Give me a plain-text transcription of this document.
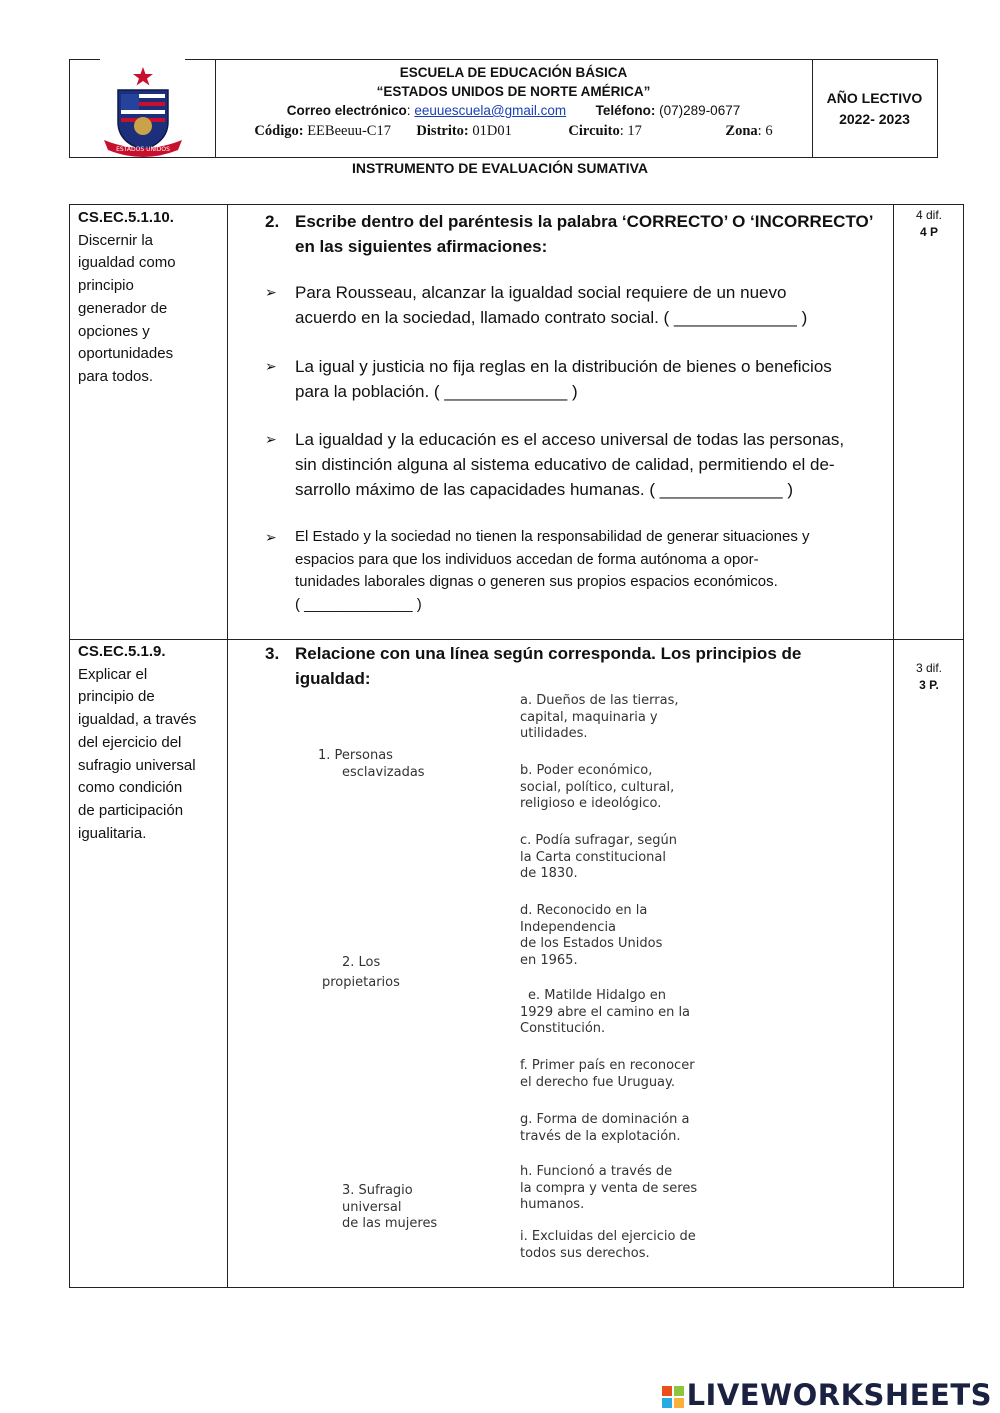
ESTADOS UNIDOS
ESCUELA DE EDUCACIÓN BÁSICA
“ESTADOS UNIDOS DE NORTE AMÉRICA”
Correo electrónico: eeuuescuela@gmail.com Teléfono: (07)289-0677
Código: EEBeeuu-C17 Distrito: 01D01	Circuito: 17	Zona: 6
AÑO LECTIVO
2022- 2023
INSTRUMENTO DE EVALUACIÓN SUMATIVA
CS.EC.5.1.10.
Discernir la
igualdad como
principio
generador de
opciones y
oportunidades
para todos.
2. Escribe dentro del paréntesis la palabra ‘CORRECTO’ O ‘INCORRECTO’
en las siguientes afirmaciones:
➢ Para Rousseau, alcanzar la igualdad social requiere de un nuevo
acuerdo en la sociedad, llamado contrato social. ( _____________ )
➢ La igual y justicia no fija reglas en la distribución de bienes o beneficios
para la población. ( _____________ )
➢ La igualdad y la educación es el acceso universal de todas las personas,
sin distinción alguna al sistema educativo de calidad, permitiendo el de-
sarrollo máximo de las capacidades humanas. ( _____________ )
➢ El Estado y la sociedad no tienen la responsabilidad de generar situaciones y
espacios para que los individuos accedan de forma autónoma a opor-
tunidades laborales dignas o generen sus propios espacios económicos.
( _____________ )
4 dif.
4 P
CS.EC.5.1.9.
Explicar el
principio de
igualdad, a través
del ejercicio del
sufragio universal
como condición
de participación
igualitaria.
3. Relacione con una línea según corresponda. Los principios de
igualdad:
3 dif.
3 P.
1. Personas
esclavizadas
2. Los
propietarios
3. Sufragio
universal
de las mujeres
a. Dueños de las tierras,
capital, maquinaria y
utilidades.
b. Poder económico,
social, político, cultural,
religioso e ideológico.
c. Podía sufragar, según
la Carta constitucional
de 1830.
d. Reconocido en la
Independencia
de los Estados Unidos
en 1965.
e. Matilde Hidalgo en
1929 abre el camino en la
Constitución.
f. Primer país en reconocer
el derecho fue Uruguay.
g. Forma de dominación a
través de la explotación.
h. Funcionó a través de
la compra y venta de seres
humanos.
i. Excluidas del ejercicio de
todos sus derechos.
LIVEWORKSHEETS
